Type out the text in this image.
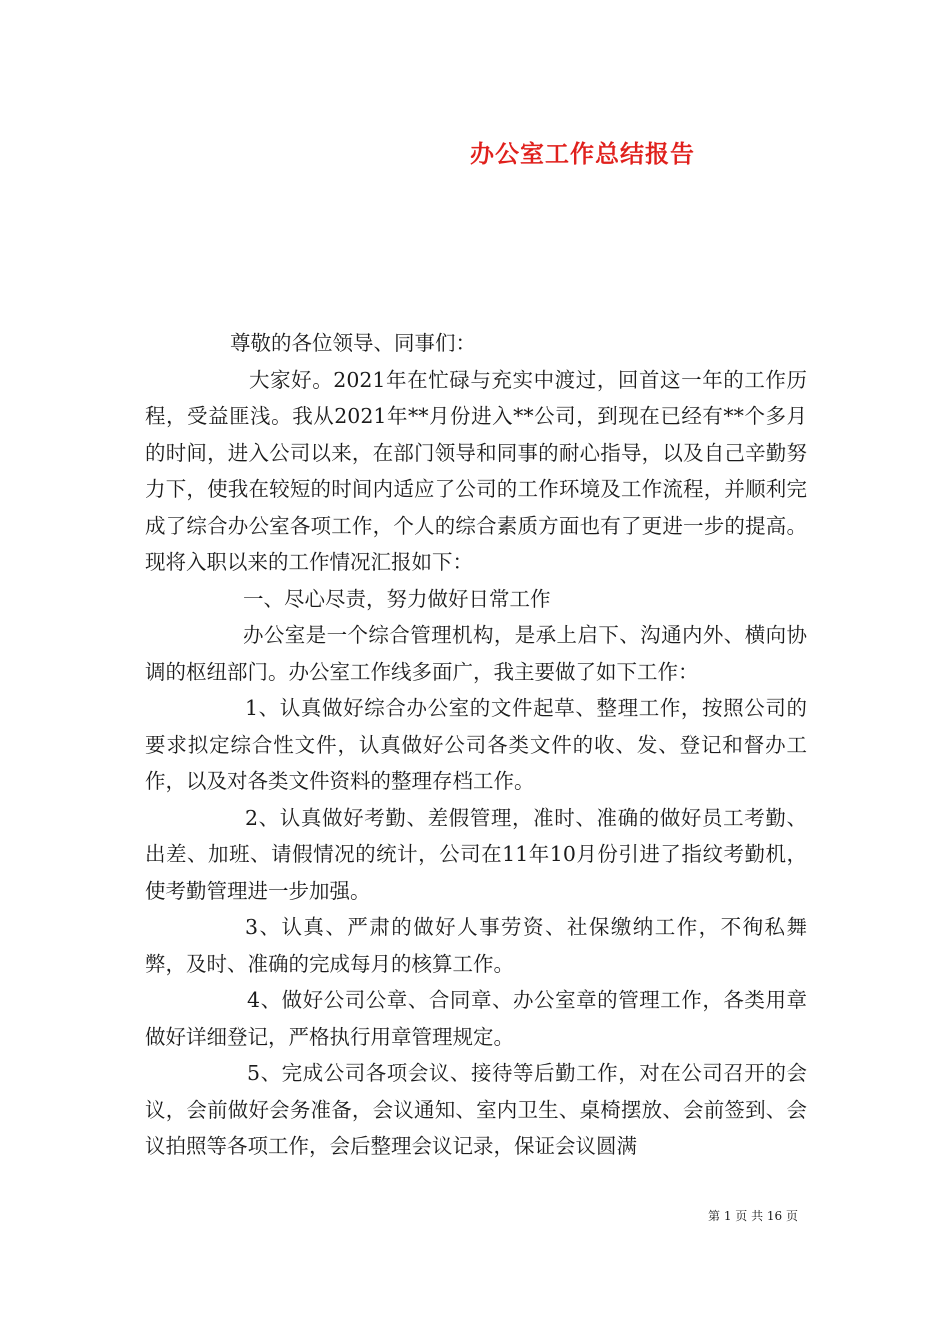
办公室工作总结报告

尊敬的各位领导、同事们：

大家好。2021年在忙碌与充实中渡过，回首这一年的工作历程，受益匪浅。我从2021年**月份进入**公司，到现在已经有**个多月的时间，进入公司以来，在部门领导和同事的耐心指导，以及自己辛勤努力下，使我在较短的时间内适应了公司的工作环境及工作流程，并顺利完成了综合办公室各项工作，个人的综合素质方面也有了更进一步的提高。现将入职以来的工作情况汇报如下：

一、尽心尽责，努力做好日常工作

办公室是一个综合管理机构，是承上启下、沟通内外、横向协调的枢纽部门。办公室工作线多面广，我主要做了如下工作：

1、认真做好综合办公室的文件起草、整理工作，按照公司的要求拟定综合性文件，认真做好公司各类文件的收、发、登记和督办工作，以及对各类文件资料的整理存档工作。

2、认真做好考勤、差假管理，准时、准确的做好员工考勤、出差、加班、请假情况的统计，公司在11年10月份引进了指纹考勤机，使考勤管理进一步加强。

3、认真、严肃的做好人事劳资、社保缴纳工作，不徇私舞弊，及时、准确的完成每月的核算工作。

4、做好公司公章、合同章、办公室章的管理工作，各类用章做好详细登记，严格执行用章管理规定。

5、完成公司各项会议、接待等后勤工作，对在公司召开的会议，会前做好会务准备，会议通知、室内卫生、桌椅摆放、会前签到、会议拍照等各项工作，会后整理会议记录，保证会议圆满

第 1 页 共 16 页
